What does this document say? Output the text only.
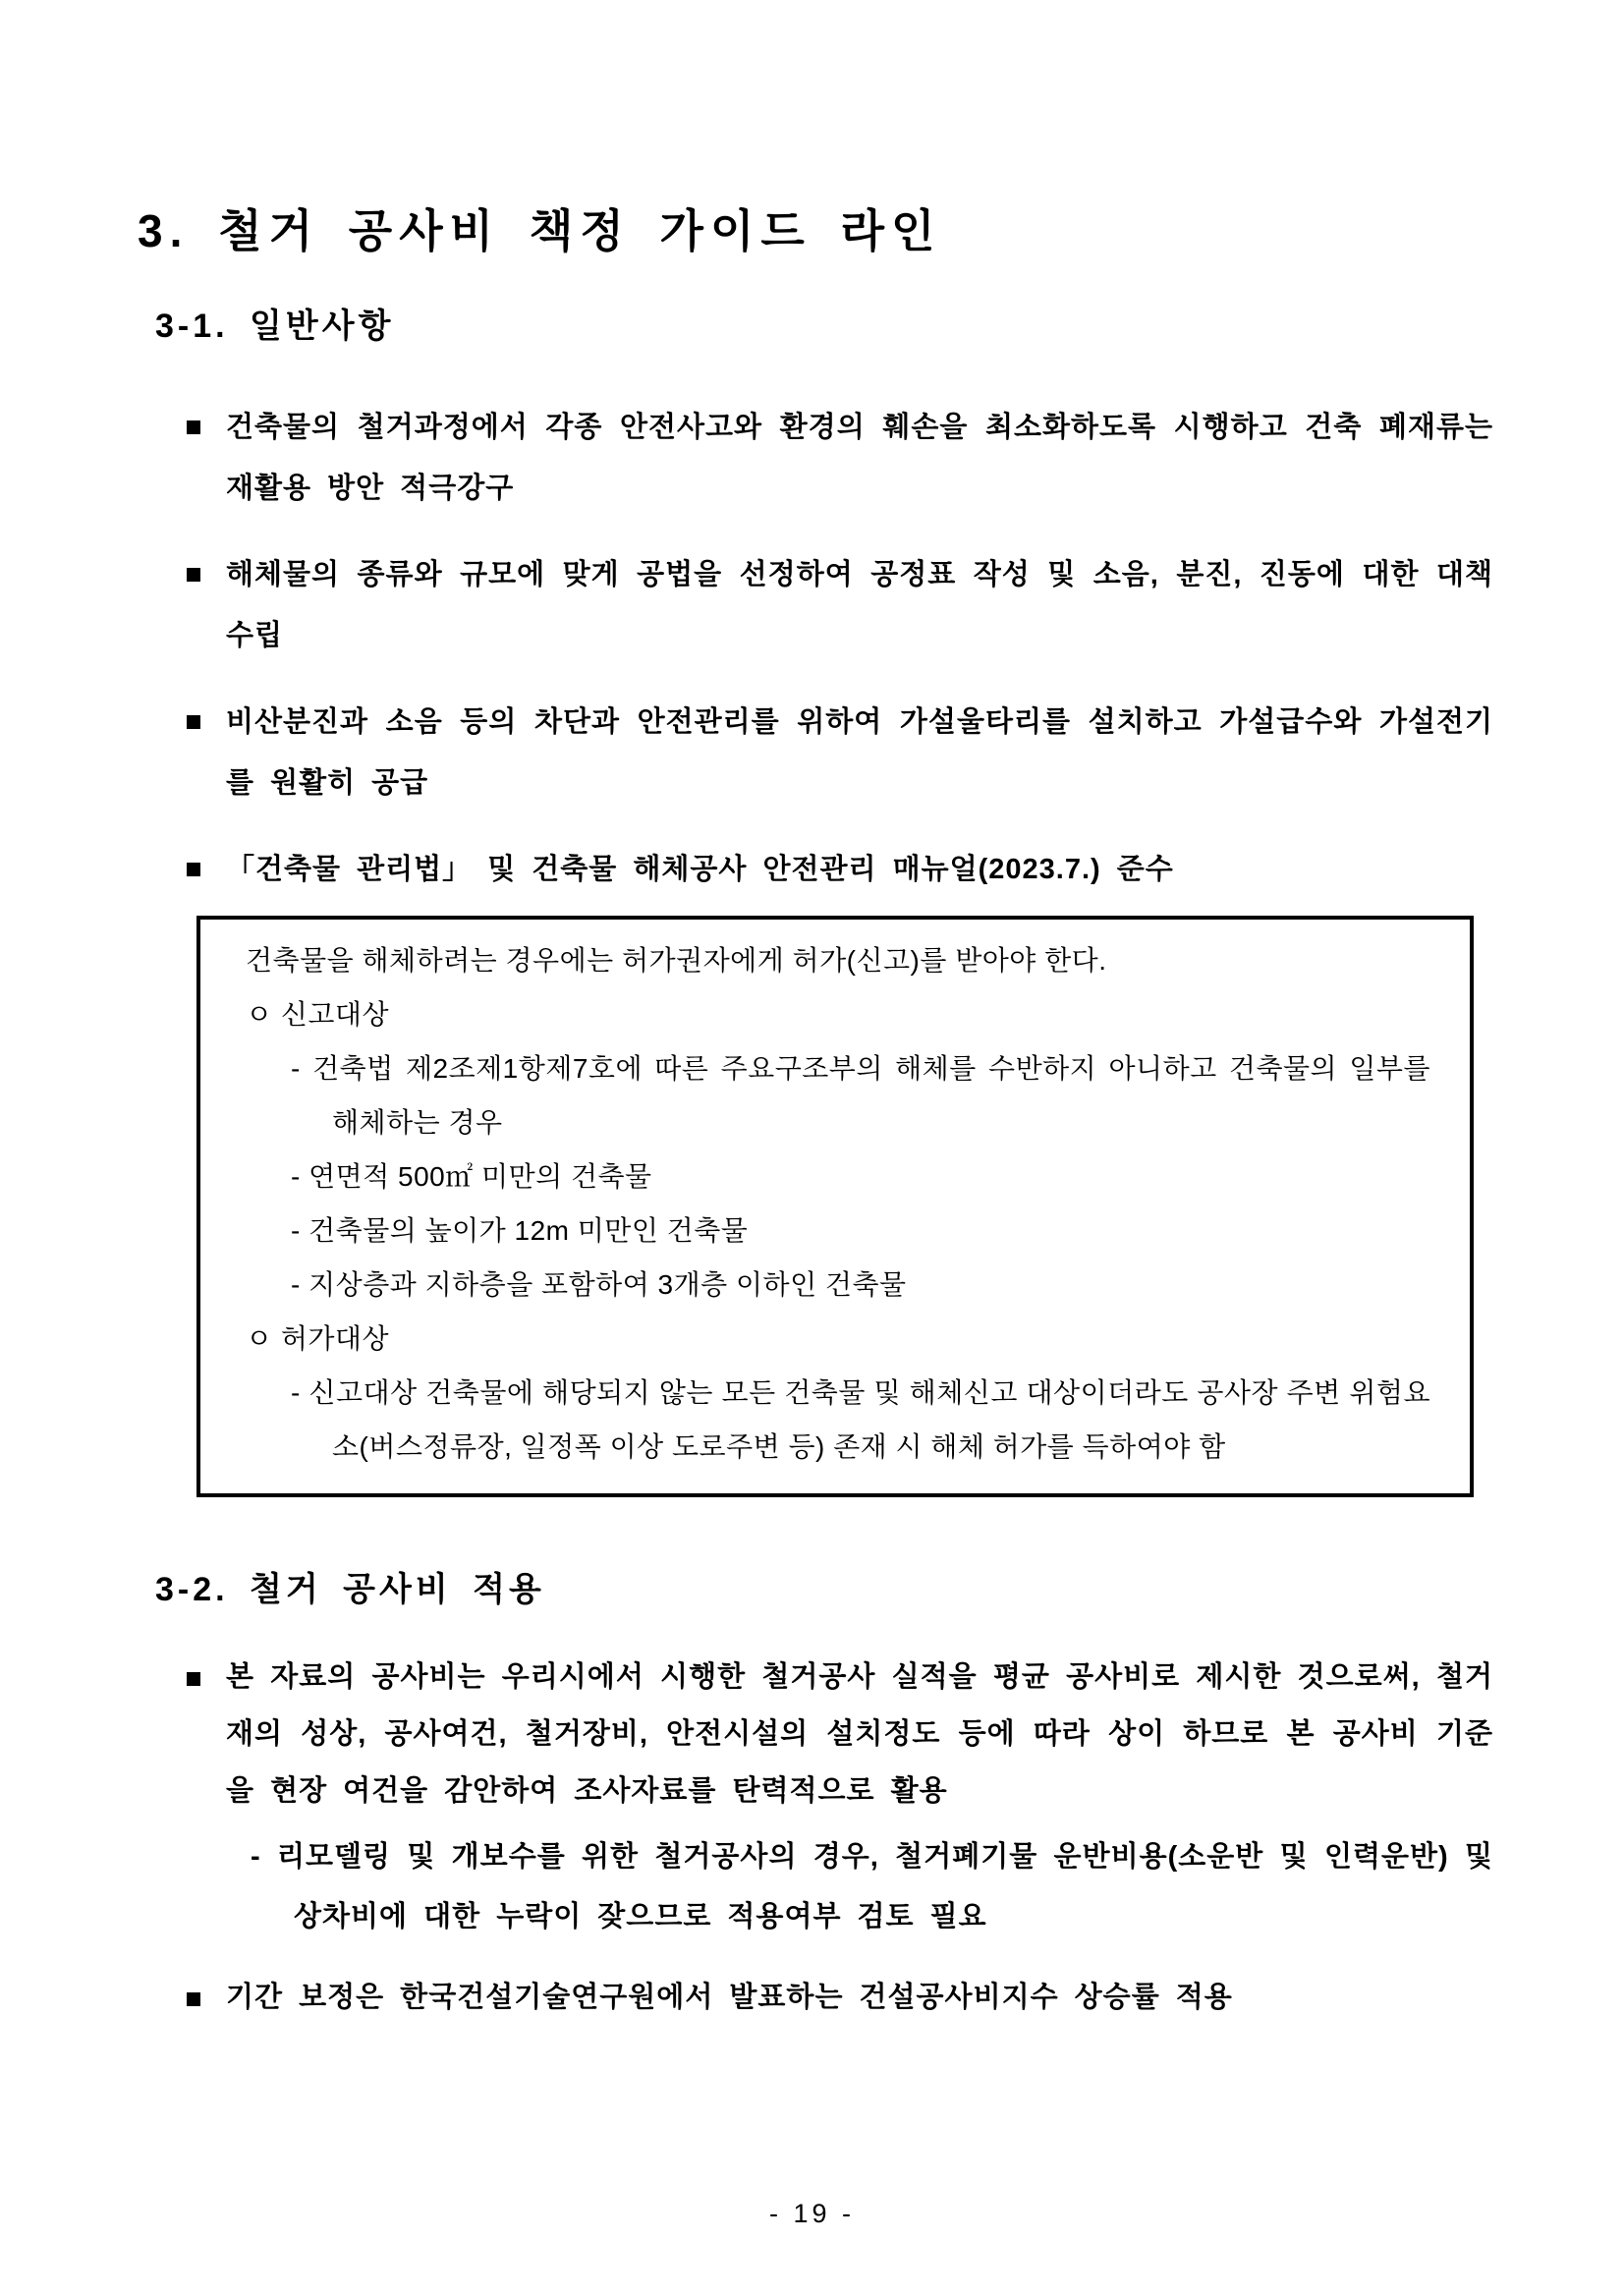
3. 철거 공사비 책정 가이드 라인
3-1. 일반사항

건축물의 철거과정에서 각종 안전사고와 환경의 훼손을 최소화하도록 시행하고 건축 폐재류는 재활용 방안 적극강구

해체물의 종류와 규모에 맞게 공법을 선정하여 공정표 작성 및 소음, 분진, 진동에 대한 대책 수립

비산분진과 소음 등의 차단과 안전관리를 위하여 가설울타리를 설치하고 가설급수와 가설전기를 원활히 공급

「건축물 관리법」 및 건축물 해체공사 안전관리 매뉴얼(2023.7.) 준수

건축물을 해체하려는 경우에는 허가권자에게 허가(신고)를 받아야 한다.

ㅇ 신고대상

- 건축법 제2조제1항제7호에 따른 주요구조부의 해체를 수반하지 아니하고 건축물의 일부를 해체하는 경우

- 연면적 500㎡ 미만의 건축물

- 건축물의 높이가 12m 미만인 건축물

- 지상층과 지하층을 포함하여 3개층 이하인 건축물

ㅇ 허가대상

- 신고대상 건축물에 해당되지 않는 모든 건축물 및 해체신고 대상이더라도 공사장 주변 위험요소(버스정류장, 일정폭 이상 도로주변 등) 존재 시 해체 허가를 득하여야 함

3-2. 철거 공사비 적용

본 자료의 공사비는 우리시에서 시행한 철거공사 실적을 평균 공사비로 제시한 것으로써, 철거재의 성상, 공사여건, 철거장비, 안전시설의 설치정도 등에 따라 상이 하므로 본 공사비 기준을 현장 여건을 감안하여 조사자료를 탄력적으로 활용

- 리모델링 및 개보수를 위한 철거공사의 경우, 철거폐기물 운반비용(소운반 및 인력운반) 및 상차비에 대한 누락이 잦으므로 적용여부 검토 필요

기간 보정은 한국건설기술연구원에서 발표하는 건설공사비지수 상승률 적용

- 19 -
